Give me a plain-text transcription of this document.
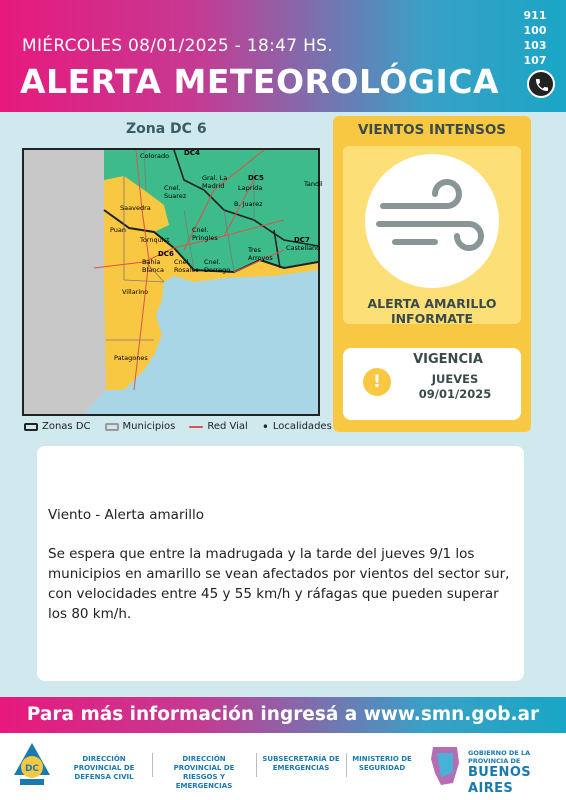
MIÉRCOLES 08/01/2025 - 18:47 HS.
ALERTA METEOROLÓGICA
911
100
103
107
Zona DC 6
Colorado DC4
Cnel. Suarez
Gral. La Madrid
DC5
Laprida	Tandil
Saavedra	B. Juarez
Puan
Tornquist
Cnel. Pringles	DC7
Castellano
Tres Arroyos
DC6
Bahía Blanca
Cnel. Rosales
Cnel. Dorrego
Villarino
Patagones
Zonas DC	Municipios	Red Vial • Localidades
VIENTOS INTENSOS
ALERTA AMARILLO
INFORMATE
VIGENCIA
!	JUEVES
09/01/2025
Viento - Alerta amarillo
Se espera que entre la madrugada y la tarde del jueves 9/1 los municipios en amarillo se vean afectados por vientos del sector sur, con velocidades entre 45 y 55 km/h y ráfagas que pueden superar los 80 km/h.
Para más información ingresá a www.smn.gob.ar
DC
DIRECCIÓN PROVINCIAL DE DEFENSA CIVIL
DIRECCIÓN PROVINCIAL DE RIESGOS Y EMERGENCIAS
SUBSECRETARÍA DE EMERGENCIAS
MINISTERIO DE SEGURIDAD
GOBIERNO DE LA PROVINCIA DE
BUENOS AIRES
